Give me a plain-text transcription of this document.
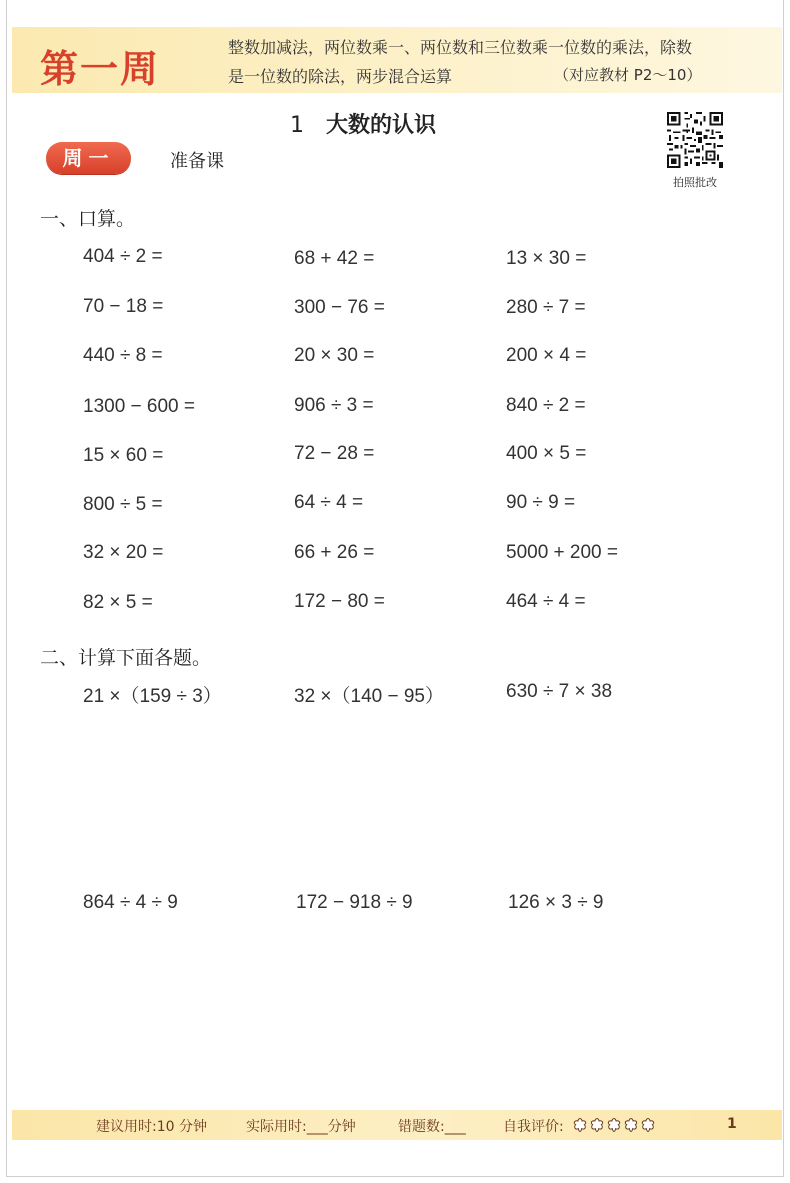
第一周	整数加减法，两位数乘一、两位数和三位数乘一位数的乘法，除数
是一位数的除法，两步混合运算	（对应教材 P2～10）
1 大数的认识
拍照批改
周一	准备课
一、口算。
404 ÷ 2 =	68 + 42 =	13 × 30 =
70 − 18 =	300 − 76 =	280 ÷ 7 =
440 ÷ 8 =	20 × 30 =	200 × 4 =
1300 − 600 =	906 ÷ 3 =	840 ÷ 2 =
15 × 60 =	72 − 28 =	400 × 5 =
800 ÷ 5 =	64 ÷ 4 =	90 ÷ 9 =
32 × 20 =	66 + 26 =	5000 + 200 =
82 × 5 =	172 − 80 =	464 ÷ 4 =
二、计算下面各题。
21 ×（159 ÷ 3）	32 ×（140 − 95）	630 ÷ 7 × 38
864 ÷ 4 ÷ 9	172 − 918 ÷ 9	126 × 3 ÷ 9
建议用时:10 分钟	实际用时:___分钟	错题数:___	自我评价:	1
